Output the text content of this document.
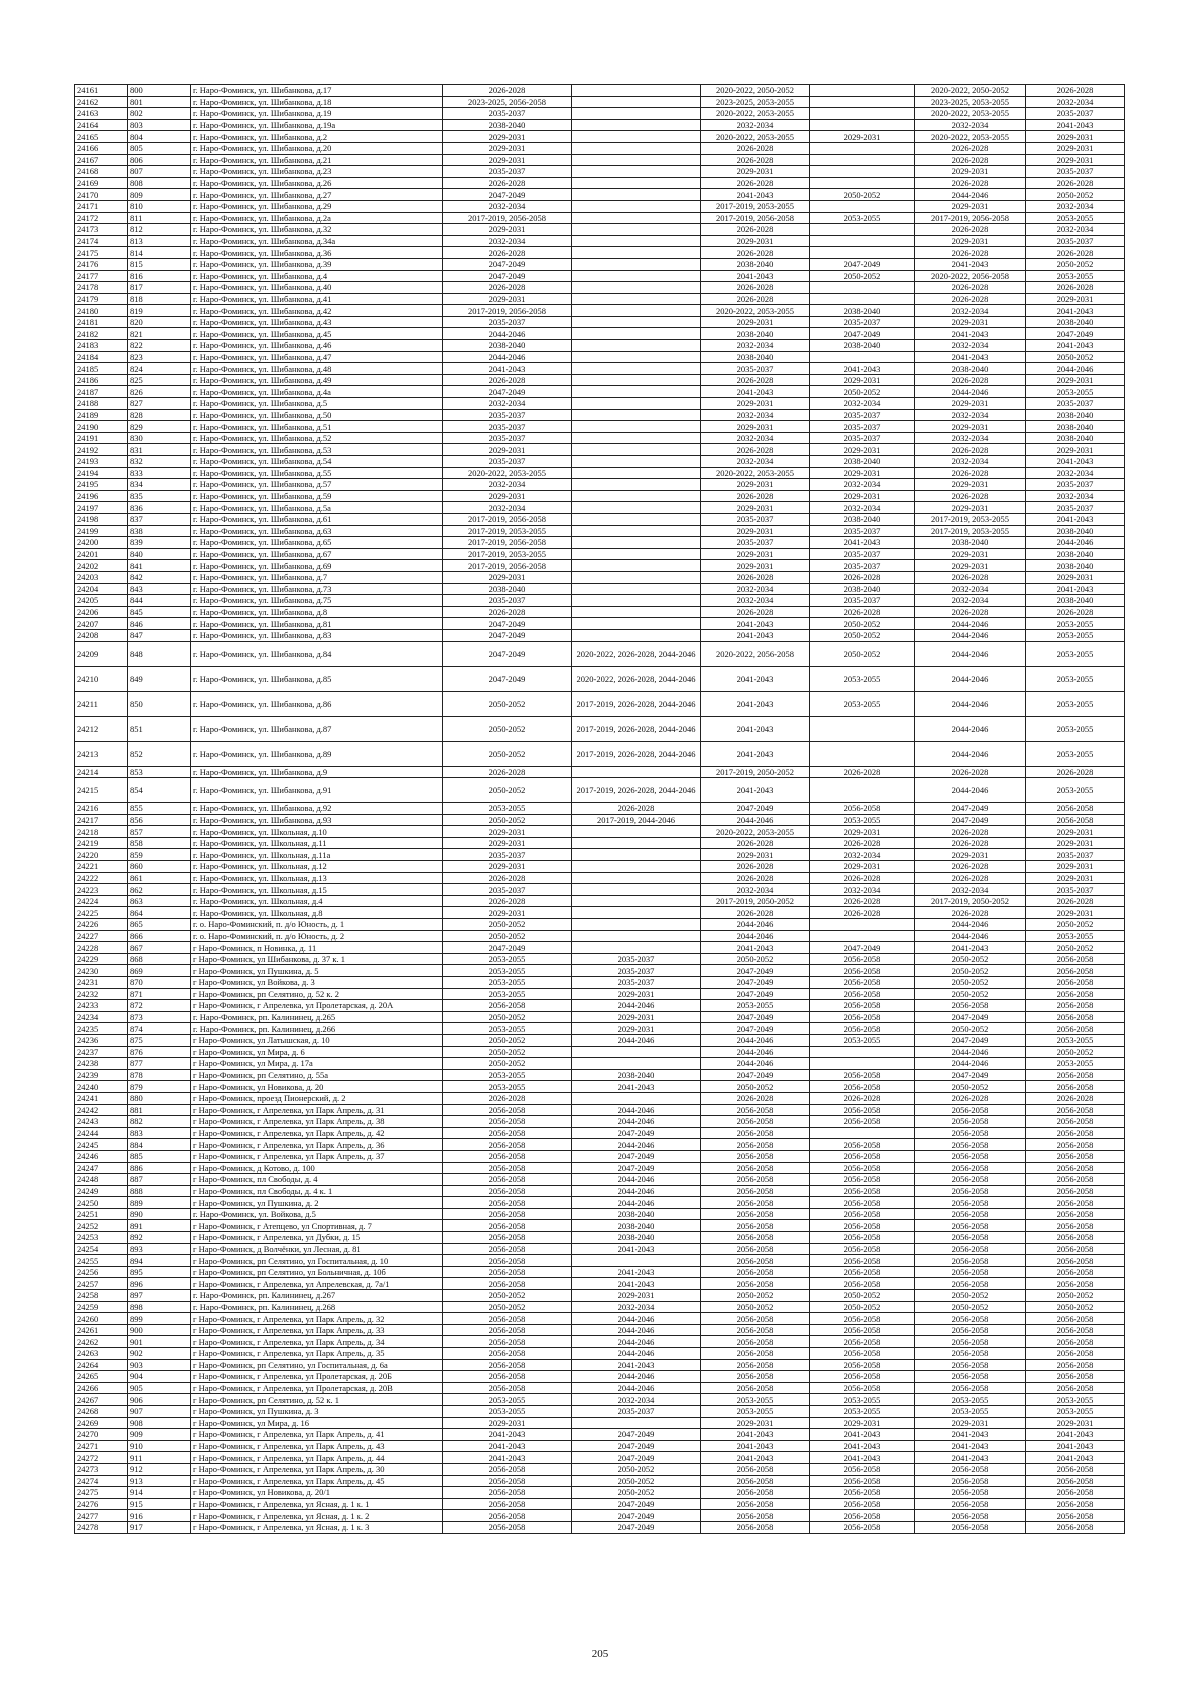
24161	800	г. Наро-Фоминск, ул. Шибанкова, д.17	2026-2028		2020-2022, 2050-2052		2020-2022, 2050-2052	2026-2028
24162	801	г. Наро-Фоминск, ул. Шибанкова, д.18	2023-2025, 2056-2058		2023-2025, 2053-2055		2023-2025, 2053-2055	2032-2034
24163	802	г. Наро-Фоминск, ул. Шибанкова, д.19	2035-2037		2020-2022, 2053-2055		2020-2022, 2053-2055	2035-2037
24164	803	г. Наро-Фоминск, ул. Шибанкова, д.19а	2038-2040		2032-2034		2032-2034	2041-2043
24165	804	г. Наро-Фоминск, ул. Шибанкова, д.2	2029-2031		2020-2022, 2053-2055	2029-2031	2020-2022, 2053-2055	2029-2031
24166	805	г. Наро-Фоминск, ул. Шибанкова, д.20	2029-2031		2026-2028		2026-2028	2029-2031
24167	806	г. Наро-Фоминск, ул. Шибанкова, д.21	2029-2031		2026-2028		2026-2028	2029-2031
24168	807	г. Наро-Фоминск, ул. Шибанкова, д.23	2035-2037		2029-2031		2029-2031	2035-2037
24169	808	г. Наро-Фоминск, ул. Шибанкова, д.26	2026-2028		2026-2028		2026-2028	2026-2028
24170	809	г. Наро-Фоминск, ул. Шибанкова, д.27	2047-2049		2041-2043	2050-2052	2044-2046	2050-2052
24171	810	г. Наро-Фоминск, ул. Шибанкова, д.29	2032-2034		2017-2019, 2053-2055		2029-2031	2032-2034
24172	811	г. Наро-Фоминск, ул. Шибанкова, д.2а	2017-2019, 2056-2058		2017-2019, 2056-2058	2053-2055	2017-2019, 2056-2058	2053-2055
24173	812	г. Наро-Фоминск, ул. Шибанкова, д.32	2029-2031		2026-2028		2026-2028	2032-2034
24174	813	г. Наро-Фоминск, ул. Шибанкова, д.34а	2032-2034		2029-2031		2029-2031	2035-2037
24175	814	г. Наро-Фоминск, ул. Шибанкова, д.36	2026-2028		2026-2028		2026-2028	2026-2028
24176	815	г. Наро-Фоминск, ул. Шибанкова, д.39	2047-2049		2038-2040	2047-2049	2041-2043	2050-2052
24177	816	г. Наро-Фоминск, ул. Шибанкова, д.4	2047-2049		2041-2043	2050-2052	2020-2022, 2056-2058	2053-2055
24178	817	г. Наро-Фоминск, ул. Шибанкова, д.40	2026-2028		2026-2028		2026-2028	2026-2028
24179	818	г. Наро-Фоминск, ул. Шибанкова, д.41	2029-2031		2026-2028		2026-2028	2029-2031
24180	819	г. Наро-Фоминск, ул. Шибанкова, д.42	2017-2019, 2056-2058		2020-2022, 2053-2055	2038-2040	2032-2034	2041-2043
24181	820	г. Наро-Фоминск, ул. Шибанкова, д.43	2035-2037		2029-2031	2035-2037	2029-2031	2038-2040
24182	821	г. Наро-Фоминск, ул. Шибанкова, д.45	2044-2046		2038-2040	2047-2049	2041-2043	2047-2049
24183	822	г. Наро-Фоминск, ул. Шибанкова, д.46	2038-2040		2032-2034	2038-2040	2032-2034	2041-2043
24184	823	г. Наро-Фоминск, ул. Шибанкова, д.47	2044-2046		2038-2040		2041-2043	2050-2052
24185	824	г. Наро-Фоминск, ул. Шибанкова, д.48	2041-2043		2035-2037	2041-2043	2038-2040	2044-2046
24186	825	г. Наро-Фоминск, ул. Шибанкова, д.49	2026-2028		2026-2028	2029-2031	2026-2028	2029-2031
24187	826	г. Наро-Фоминск, ул. Шибанкова, д.4а	2047-2049		2041-2043	2050-2052	2044-2046	2053-2055
24188	827	г. Наро-Фоминск, ул. Шибанкова, д.5	2032-2034		2029-2031	2032-2034	2029-2031	2035-2037
24189	828	г. Наро-Фоминск, ул. Шибанкова, д.50	2035-2037		2032-2034	2035-2037	2032-2034	2038-2040
24190	829	г. Наро-Фоминск, ул. Шибанкова, д.51	2035-2037		2029-2031	2035-2037	2029-2031	2038-2040
24191	830	г. Наро-Фоминск, ул. Шибанкова, д.52	2035-2037		2032-2034	2035-2037	2032-2034	2038-2040
24192	831	г. Наро-Фоминск, ул. Шибанкова, д.53	2029-2031		2026-2028	2029-2031	2026-2028	2029-2031
24193	832	г. Наро-Фоминск, ул. Шибанкова, д.54	2035-2037		2032-2034	2038-2040	2032-2034	2041-2043
24194	833	г. Наро-Фоминск, ул. Шибанкова, д.55	2020-2022, 2053-2055		2020-2022, 2053-2055	2029-2031	2026-2028	2032-2034
24195	834	г. Наро-Фоминск, ул. Шибанкова, д.57	2032-2034		2029-2031	2032-2034	2029-2031	2035-2037
24196	835	г. Наро-Фоминск, ул. Шибанкова, д.59	2029-2031		2026-2028	2029-2031	2026-2028	2032-2034
24197	836	г. Наро-Фоминск, ул. Шибанкова, д.5а	2032-2034		2029-2031	2032-2034	2029-2031	2035-2037
24198	837	г. Наро-Фоминск, ул. Шибанкова, д.61	2017-2019, 2056-2058		2035-2037	2038-2040	2017-2019, 2053-2055	2041-2043
24199	838	г. Наро-Фоминск, ул. Шибанкова, д.63	2017-2019, 2053-2055		2029-2031	2035-2037	2017-2019, 2053-2055	2038-2040
24200	839	г. Наро-Фоминск, ул. Шибанкова, д.65	2017-2019, 2056-2058		2035-2037	2041-2043	2038-2040	2044-2046
24201	840	г. Наро-Фоминск, ул. Шибанкова, д.67	2017-2019, 2053-2055		2029-2031	2035-2037	2029-2031	2038-2040
24202	841	г. Наро-Фоминск, ул. Шибанкова, д.69	2017-2019, 2056-2058		2029-2031	2035-2037	2029-2031	2038-2040
24203	842	г. Наро-Фоминск, ул. Шибанкова, д.7	2029-2031		2026-2028	2026-2028	2026-2028	2029-2031
24204	843	г. Наро-Фоминск, ул. Шибанкова, д.73	2038-2040		2032-2034	2038-2040	2032-2034	2041-2043
24205	844	г. Наро-Фоминск, ул. Шибанкова, д.75	2035-2037		2032-2034	2035-2037	2032-2034	2038-2040
24206	845	г. Наро-Фоминск, ул. Шибанкова, д.8	2026-2028		2026-2028	2026-2028	2026-2028	2026-2028
24207	846	г. Наро-Фоминск, ул. Шибанкова, д.81	2047-2049		2041-2043	2050-2052	2044-2046	2053-2055
24208	847	г. Наро-Фоминск, ул. Шибанкова, д.83	2047-2049		2041-2043	2050-2052	2044-2046	2053-2055
24209	848	г. Наро-Фоминск, ул. Шибанкова, д.84	2047-2049	2020-2022, 2026-2028, 2044-2046	2020-2022, 2056-2058	2050-2052	2044-2046	2053-2055
24210	849	г. Наро-Фоминск, ул. Шибанкова, д.85	2047-2049	2020-2022, 2026-2028, 2044-2046	2041-2043	2053-2055	2044-2046	2053-2055
24211	850	г. Наро-Фоминск, ул. Шибанкова, д.86	2050-2052	2017-2019, 2026-2028, 2044-2046	2041-2043	2053-2055	2044-2046	2053-2055
24212	851	г. Наро-Фоминск, ул. Шибанкова, д.87	2050-2052	2017-2019, 2026-2028, 2044-2046	2041-2043		2044-2046	2053-2055
24213	852	г. Наро-Фоминск, ул. Шибанкова, д.89	2050-2052	2017-2019, 2026-2028, 2044-2046	2041-2043		2044-2046	2053-2055
24214	853	г. Наро-Фоминск, ул. Шибанкова, д.9	2026-2028		2017-2019, 2050-2052	2026-2028	2026-2028	2026-2028
24215	854	г. Наро-Фоминск, ул. Шибанкова, д.91	2050-2052	2017-2019, 2026-2028, 2044-2046	2041-2043		2044-2046	2053-2055
24216	855	г. Наро-Фоминск, ул. Шибанкова, д.92	2053-2055	2026-2028	2047-2049	2056-2058	2047-2049	2056-2058
24217	856	г. Наро-Фоминск, ул. Шибанкова, д.93	2050-2052	2017-2019, 2044-2046	2044-2046	2053-2055	2047-2049	2056-2058
24218	857	г. Наро-Фоминск, ул. Школьная, д.10	2029-2031		2020-2022, 2053-2055	2029-2031	2026-2028	2029-2031
24219	858	г. Наро-Фоминск, ул. Школьная, д.11	2029-2031		2026-2028	2026-2028	2026-2028	2029-2031
24220	859	г. Наро-Фоминск, ул. Школьная, д.11а	2035-2037		2029-2031	2032-2034	2029-2031	2035-2037
24221	860	г. Наро-Фоминск, ул. Школьная, д.12	2029-2031		2026-2028	2029-2031	2026-2028	2029-2031
24222	861	г. Наро-Фоминск, ул. Школьная, д.13	2026-2028		2026-2028	2026-2028	2026-2028	2029-2031
24223	862	г. Наро-Фоминск, ул. Школьная, д.15	2035-2037		2032-2034	2032-2034	2032-2034	2035-2037
24224	863	г. Наро-Фоминск, ул. Школьная, д.4	2026-2028		2017-2019, 2050-2052	2026-2028	2017-2019, 2050-2052	2026-2028
24225	864	г. Наро-Фоминск, ул. Школьная, д.8	2029-2031		2026-2028	2026-2028	2026-2028	2029-2031
24226	865	г. о. Наро-Фоминский, п. д/о Юность, д. 1	2050-2052		2044-2046		2044-2046	2050-2052
24227	866	г. о. Наро-Фоминский, п. д/о Юность, д. 2	2050-2052		2044-2046		2044-2046	2053-2055
24228	867	г Наро-Фоминск, п Новинка, д. 11	2047-2049		2041-2043	2047-2049	2041-2043	2050-2052
24229	868	г Наро-Фоминск, ул Шибанкова, д. 37 к. 1	2053-2055	2035-2037	2050-2052	2056-2058	2050-2052	2056-2058
24230	869	г Наро-Фоминск, ул Пушкина, д. 5	2053-2055	2035-2037	2047-2049	2056-2058	2050-2052	2056-2058
24231	870	г Наро-Фоминск, ул Войкова, д. 3	2053-2055	2035-2037	2047-2049	2056-2058	2050-2052	2056-2058
24232	871	г Наро-Фоминск, рп Селятино, д. 52 к. 2	2053-2055	2029-2031	2047-2049	2056-2058	2050-2052	2056-2058
24233	872	г Наро-Фоминск, г Апрелевка, ул Пролетарская, д. 20А	2056-2058	2044-2046	2053-2055	2056-2058	2056-2058	2056-2058
24234	873	г. Наро-Фоминск, рп. Калининец, д.265	2050-2052	2029-2031	2047-2049	2056-2058	2047-2049	2056-2058
24235	874	г. Наро-Фоминск, рп. Калининец, д.266	2053-2055	2029-2031	2047-2049	2056-2058	2050-2052	2056-2058
24236	875	г Наро-Фоминск, ул Латышская, д. 10	2050-2052	2044-2046	2044-2046	2053-2055	2047-2049	2053-2055
24237	876	г Наро-Фоминск, ул Мира, д. 6	2050-2052		2044-2046		2044-2046	2050-2052
24238	877	г Наро-Фоминск, ул Мира, д. 17а	2050-2052		2044-2046		2044-2046	2053-2055
24239	878	г Наро-Фоминск, рп Селятино, д. 55а	2053-2055	2038-2040	2047-2049	2056-2058	2047-2049	2056-2058
24240	879	г Наро-Фоминск, ул Новикова, д. 20	2053-2055	2041-2043	2050-2052	2056-2058	2050-2052	2056-2058
24241	880	г Наро-Фоминск, проезд Пионерский, д. 2	2026-2028		2026-2028	2026-2028	2026-2028	2026-2028
24242	881	г Наро-Фоминск, г Апрелевка, ул Парк Апрель, д. 31	2056-2058	2044-2046	2056-2058	2056-2058	2056-2058	2056-2058
24243	882	г Наро-Фоминск, г Апрелевка, ул Парк Апрель, д. 38	2056-2058	2044-2046	2056-2058	2056-2058	2056-2058	2056-2058
24244	883	г Наро-Фоминск, г Апрелевка, ул Парк Апрель, д. 42	2056-2058	2047-2049	2056-2058		2056-2058	2056-2058
24245	884	г Наро-Фоминск, г Апрелевка, ул Парк Апрель, д. 36	2056-2058	2044-2046	2056-2058	2056-2058	2056-2058	2056-2058
24246	885	г Наро-Фоминск, г Апрелевка, ул Парк Апрель, д. 37	2056-2058	2047-2049	2056-2058	2056-2058	2056-2058	2056-2058
24247	886	г Наро-Фоминск, д Котово, д. 100	2056-2058	2047-2049	2056-2058	2056-2058	2056-2058	2056-2058
24248	887	г Наро-Фоминск, пл Свободы, д. 4	2056-2058	2044-2046	2056-2058	2056-2058	2056-2058	2056-2058
24249	888	г Наро-Фоминск, пл Свободы, д. 4 к. 1	2056-2058	2044-2046	2056-2058	2056-2058	2056-2058	2056-2058
24250	889	г Наро-Фоминск, ул Пушкина, д. 2	2056-2058	2044-2046	2056-2058	2056-2058	2056-2058	2056-2058
24251	890	г. Наро-Фоминск, ул. Войкова, д.5	2056-2058	2038-2040	2056-2058	2056-2058	2056-2058	2056-2058
24252	891	г Наро-Фоминск, г Атепцево, ул Спортивная, д. 7	2056-2058	2038-2040	2056-2058	2056-2058	2056-2058	2056-2058
24253	892	г Наро-Фоминск, г Апрелевка, ул Дубки, д. 15	2056-2058	2038-2040	2056-2058	2056-2058	2056-2058	2056-2058
24254	893	г Наро-Фоминск, д Волчёнки, ул Лесная, д. 81	2056-2058	2041-2043	2056-2058	2056-2058	2056-2058	2056-2058
24255	894	г Наро-Фоминск, рп Селятино, ул Госпитальная, д. 10	2056-2058		2056-2058	2056-2058	2056-2058	2056-2058
24256	895	г Наро-Фоминск, рп Селятино, ул Больничная, д. 10б	2056-2058	2041-2043	2056-2058	2056-2058	2056-2058	2056-2058
24257	896	г Наро-Фоминск, г Апрелевка, ул Апрелевская, д. 7а/1	2056-2058	2041-2043	2056-2058	2056-2058	2056-2058	2056-2058
24258	897	г. Наро-Фоминск, рп. Калининец, д.267	2050-2052	2029-2031	2050-2052	2050-2052	2050-2052	2050-2052
24259	898	г. Наро-Фоминск, рп. Калининец, д.268	2050-2052	2032-2034	2050-2052	2050-2052	2050-2052	2050-2052
24260	899	г Наро-Фоминск, г Апрелевка, ул Парк Апрель, д. 32	2056-2058	2044-2046	2056-2058	2056-2058	2056-2058	2056-2058
24261	900	г Наро-Фоминск, г Апрелевка, ул Парк Апрель, д. 33	2056-2058	2044-2046	2056-2058	2056-2058	2056-2058	2056-2058
24262	901	г Наро-Фоминск, г Апрелевка, ул Парк Апрель, д. 34	2056-2058	2044-2046	2056-2058	2056-2058	2056-2058	2056-2058
24263	902	г Наро-Фоминск, г Апрелевка, ул Парк Апрель, д. 35	2056-2058	2044-2046	2056-2058	2056-2058	2056-2058	2056-2058
24264	903	г Наро-Фоминск, рп Селятино, ул Госпитальная, д. 6а	2056-2058	2041-2043	2056-2058	2056-2058	2056-2058	2056-2058
24265	904	г Наро-Фоминск, г Апрелевка, ул Пролетарская, д. 20Б	2056-2058	2044-2046	2056-2058	2056-2058	2056-2058	2056-2058
24266	905	г Наро-Фоминск, г Апрелевка, ул Пролетарская, д. 20В	2056-2058	2044-2046	2056-2058	2056-2058	2056-2058	2056-2058
24267	906	г Наро-Фоминск, рп Селятино, д. 52 к. 1	2053-2055	2032-2034	2053-2055	2053-2055	2053-2055	2053-2055
24268	907	г Наро-Фоминск, ул Пушкина, д. 3	2053-2055	2035-2037	2053-2055	2053-2055	2053-2055	2053-2055
24269	908	г Наро-Фоминск, ул Мира, д. 16	2029-2031		2029-2031	2029-2031	2029-2031	2029-2031
24270	909	г Наро-Фоминск, г Апрелевка, ул Парк Апрель, д. 41	2041-2043	2047-2049	2041-2043	2041-2043	2041-2043	2041-2043
24271	910	г Наро-Фоминск, г Апрелевка, ул Парк Апрель, д. 43	2041-2043	2047-2049	2041-2043	2041-2043	2041-2043	2041-2043
24272	911	г Наро-Фоминск, г Апрелевка, ул Парк Апрель, д. 44	2041-2043	2047-2049	2041-2043	2041-2043	2041-2043	2041-2043
24273	912	г Наро-Фоминск, г Апрелевка, ул Парк Апрель, д. 30	2056-2058	2050-2052	2056-2058	2056-2058	2056-2058	2056-2058
24274	913	г Наро-Фоминск, г Апрелевка, ул Парк Апрель, д. 45	2056-2058	2050-2052	2056-2058	2056-2058	2056-2058	2056-2058
24275	914	г Наро-Фоминск, ул Новикова, д. 20/1	2056-2058	2050-2052	2056-2058	2056-2058	2056-2058	2056-2058
24276	915	г Наро-Фоминск, г Апрелевка, ул Ясная, д. 1 к. 1	2056-2058	2047-2049	2056-2058	2056-2058	2056-2058	2056-2058
24277	916	г Наро-Фоминск, г Апрелевка, ул Ясная, д. 1 к. 2	2056-2058	2047-2049	2056-2058	2056-2058	2056-2058	2056-2058
24278	917	г Наро-Фоминск, г Апрелевка, ул Ясная, д. 1 к. 3	2056-2058	2047-2049	2056-2058	2056-2058	2056-2058	2056-2058
205
